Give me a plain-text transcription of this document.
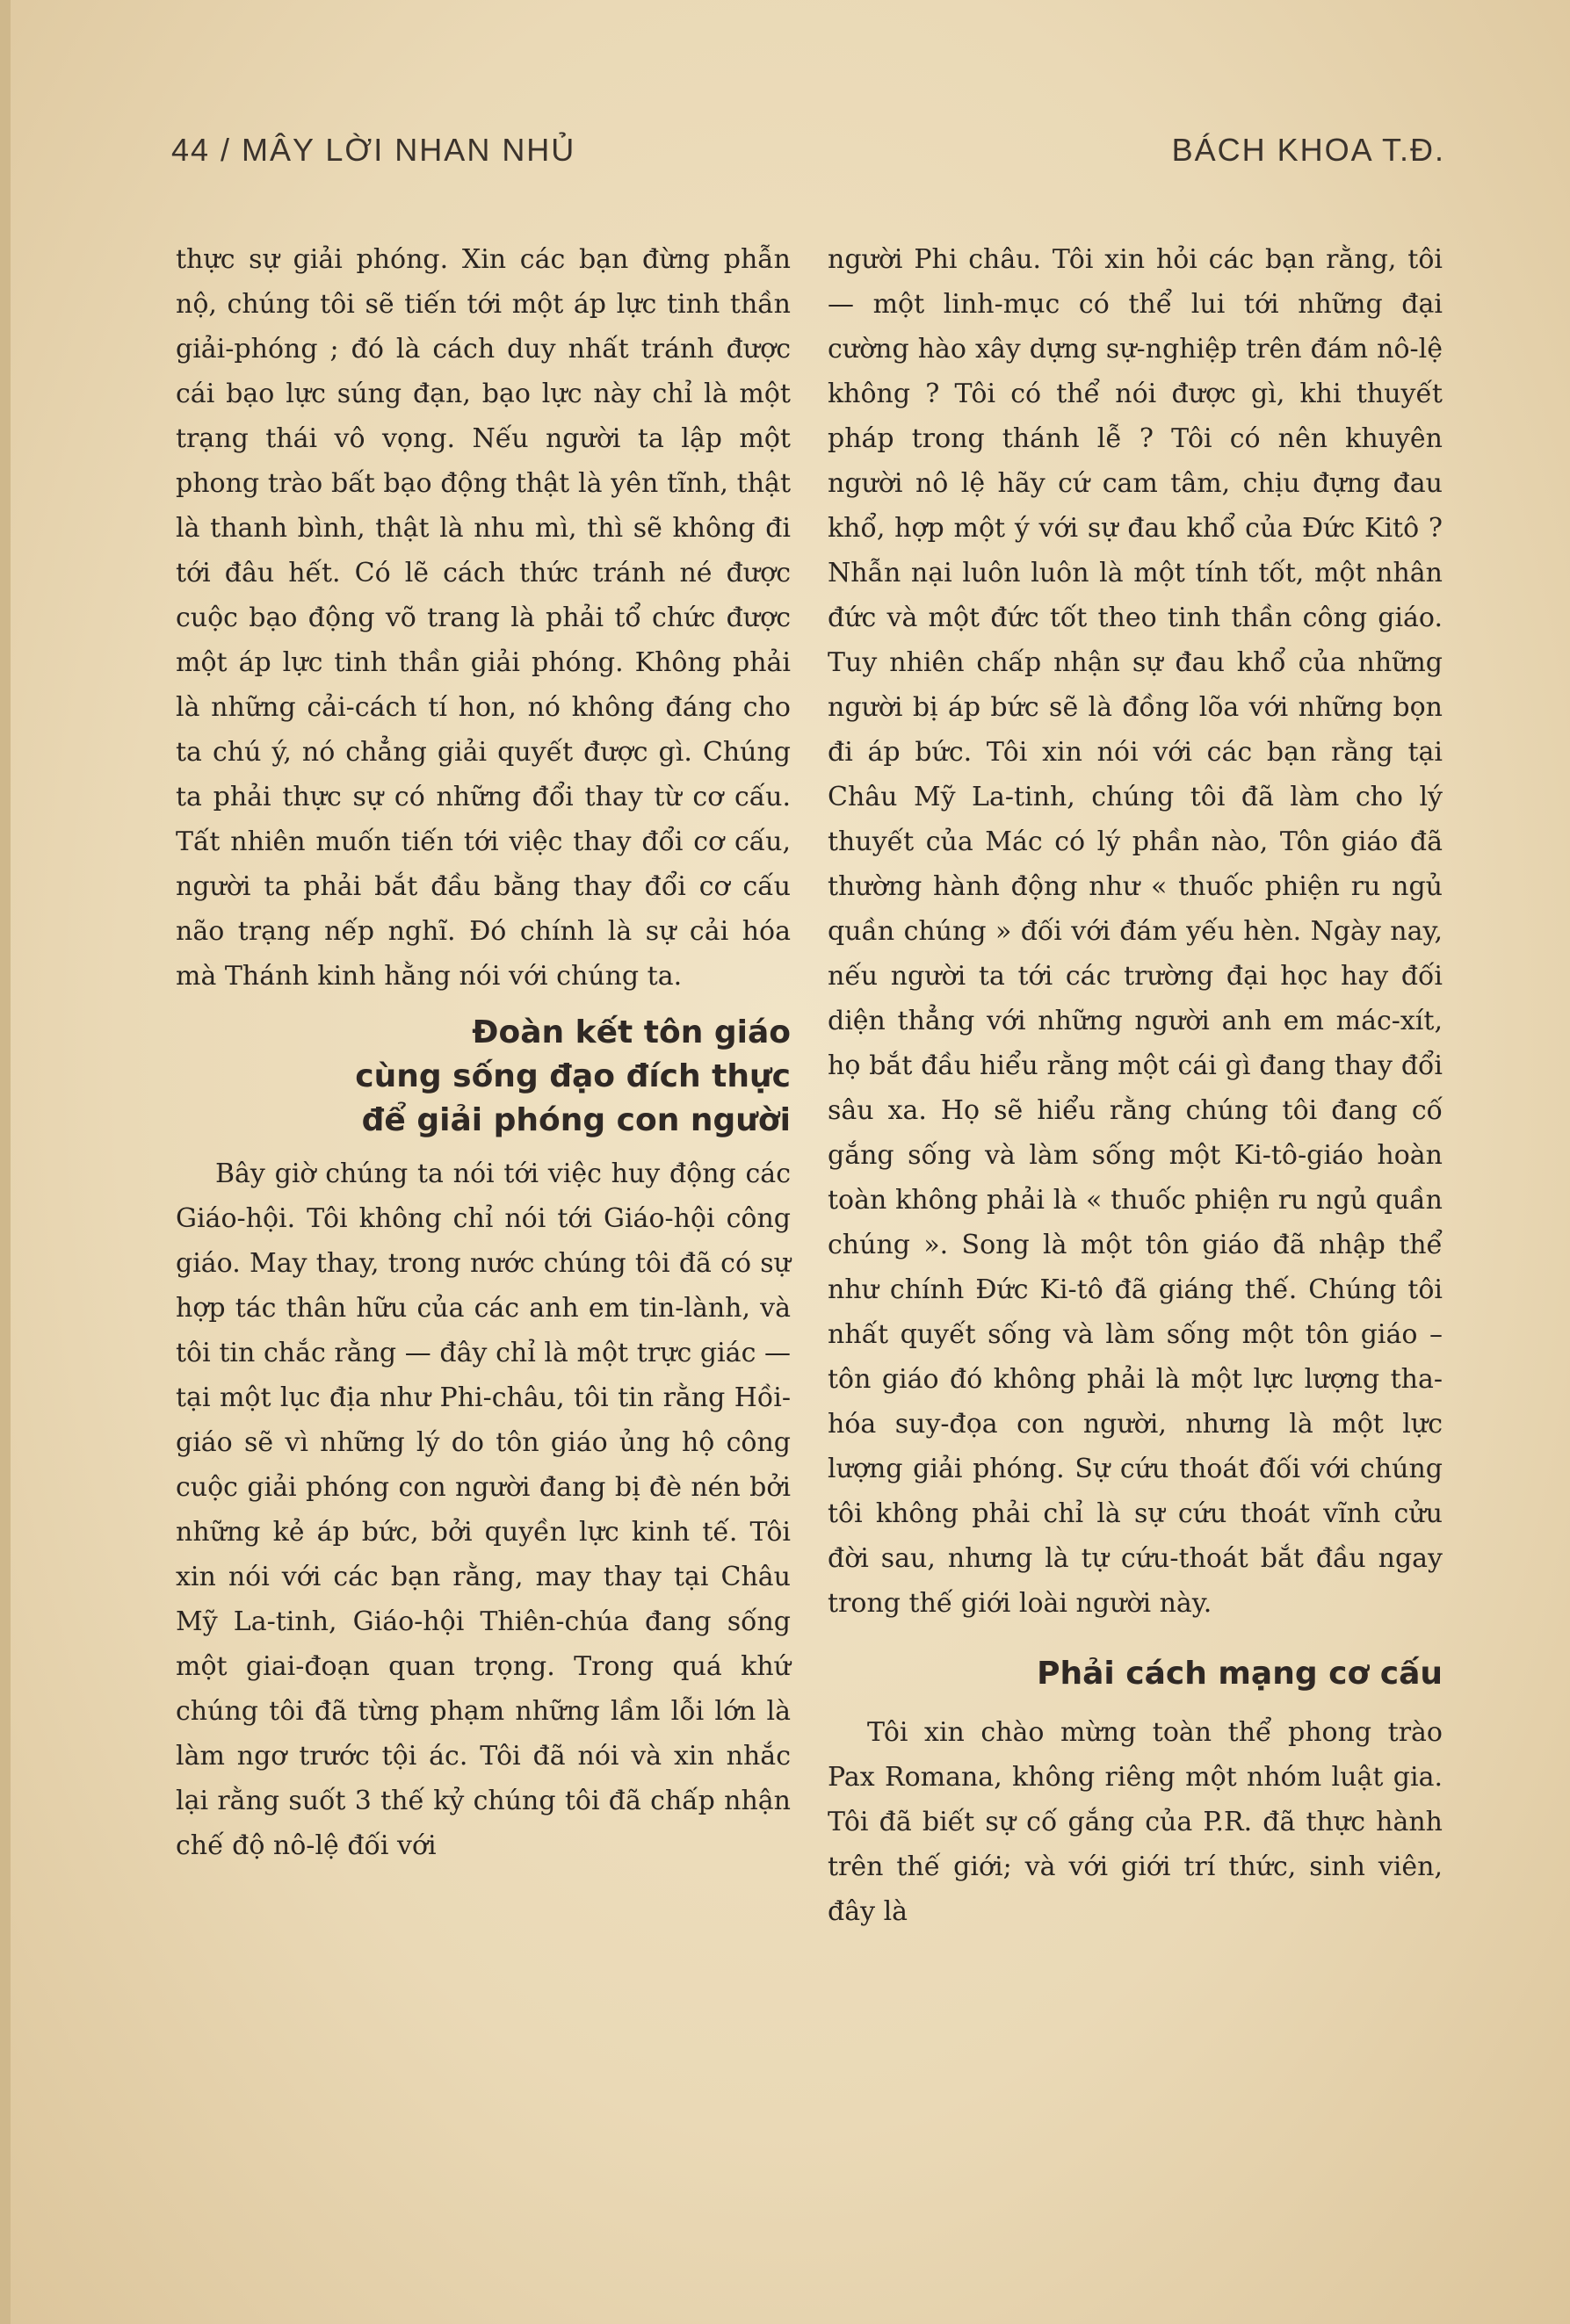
44 / MÂY LỜI NHAN NHỦ	BÁCH KHOA T.Đ.

thực sự giải phóng. Xin các bạn đừng phẫn nộ, chúng tôi sẽ tiến tới một áp lực tinh thần giải-phóng ; đó là cách duy nhất tránh được cái bạo lực súng đạn, bạo lực này chỉ là một trạng thái vô vọng. Nếu người ta lập một phong trào bất bạo động thật là yên tĩnh, thật là thanh bình, thật là nhu mì, thì sẽ không đi tới đâu hết. Có lẽ cách thức tránh né được cuộc bạo động võ trang là phải tổ chức được một áp lực tinh thần giải phóng. Không phải là những cải-cách tí hon, nó không đáng cho ta chú ý, nó chẳng giải quyết được gì. Chúng ta phải thực sự có những đổi thay từ cơ cấu. Tất nhiên muốn tiến tới việc thay đổi cơ cấu, người ta phải bắt đầu bằng thay đổi cơ cấu não trạng nếp nghĩ. Đó chính là sự cải hóa mà Thánh kinh hằng nói với chúng ta.

Đoàn kết tôn giáo
cùng sống đạo đích thực
để giải phóng con người

Bây giờ chúng ta nói tới việc huy động các Giáo-hội. Tôi không chỉ nói tới Giáo-hội công giáo. May thay, trong nước chúng tôi đã có sự hợp tác thân hữu của các anh em tin-lành, và tôi tin chắc rằng — đây chỉ là một trực giác — tại một lục địa như Phi-châu, tôi tin rằng Hồi-giáo sẽ vì những lý do tôn giáo ủng hộ công cuộc giải phóng con người đang bị đè nén bởi những kẻ áp bức, bởi quyền lực kinh tế. Tôi xin nói với các bạn rằng, may thay tại Châu Mỹ La-tinh, Giáo-hội Thiên-chúa đang sống một giai-đoạn quan trọng. Trong quá khứ chúng tôi đã từng phạm những lầm lỗi lớn là làm ngơ trước tội ác. Tôi đã nói và xin nhắc lại rằng suốt 3 thế kỷ chúng tôi đã chấp nhận chế độ nô-lệ đối với

người Phi châu. Tôi xin hỏi các bạn rằng, tôi — một linh-mục có thể lui tới những đại cường hào xây dựng sự-nghiệp trên đám nô-lệ không ? Tôi có thể nói được gì, khi thuyết pháp trong thánh lễ ? Tôi có nên khuyên người nô lệ hãy cứ cam tâm, chịu đựng đau khổ, hợp một ý với sự đau khổ của Đức Kitô ? Nhẫn nại luôn luôn là một tính tốt, một nhân đức và một đức tốt theo tinh thần công giáo. Tuy nhiên chấp nhận sự đau khổ của những người bị áp bức sẽ là đồng lõa với những bọn đi áp bức. Tôi xin nói với các bạn rằng tại Châu Mỹ La-tinh, chúng tôi đã làm cho lý thuyết của Mác có lý phần nào, Tôn giáo đã thường hành động như « thuốc phiện ru ngủ quần chúng » đối với đám yếu hèn. Ngày nay, nếu người ta tới các trường đại học hay đối diện thẳng với những người anh em mác-xít, họ bắt đầu hiểu rằng một cái gì đang thay đổi sâu xa. Họ sẽ hiểu rằng chúng tôi đang cố gắng sống và làm sống một Ki-tô-giáo hoàn toàn không phải là « thuốc phiện ru ngủ quần chúng ». Song là một tôn giáo đã nhập thể như chính Đức Ki-tô đã giáng thế. Chúng tôi nhất quyết sống và làm sống một tôn giáo – tôn giáo đó không phải là một lực lượng tha-hóa suy-đọa con người, nhưng là một lực lượng giải phóng. Sự cứu thoát đối với chúng tôi không phải chỉ là sự cứu thoát vĩnh cửu đời sau, nhưng là tự cứu-thoát bắt đầu ngay trong thế giới loài người này.

Phải cách mạng cơ cấu

Tôi xin chào mừng toàn thể phong trào Pax Romana, không riêng một nhóm luật gia. Tôi đã biết sự cố gắng của P.R. đã thực hành trên thế giới; và với giới trí thức, sinh viên, đây là
